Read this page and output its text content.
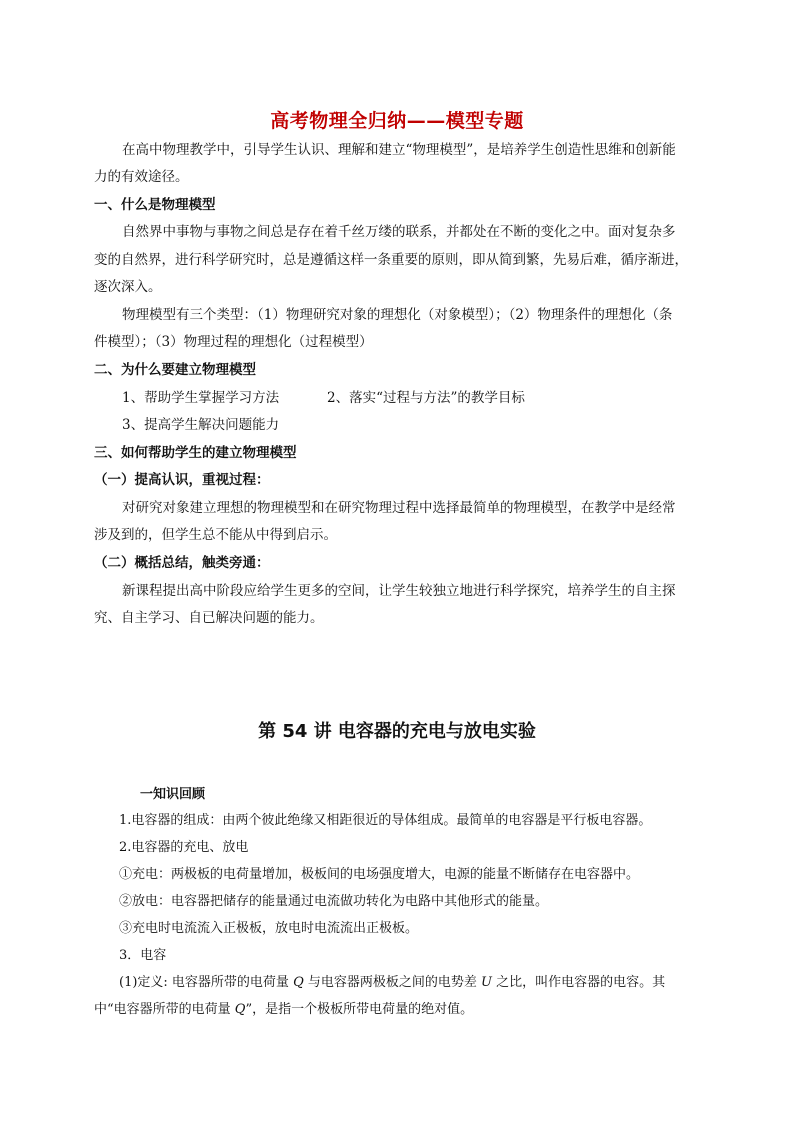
高考物理全归纳——模型专题
在高中物理教学中，引导学生认识、理解和建立“物理模型”，是培养学生创造性思维和创新能
力的有效途径。
一、什么是物理模型
自然界中事物与事物之间总是存在着千丝万缕的联系，并都处在不断的变化之中。面对复杂多
变的自然界，进行科学研究时，总是遵循这样一条重要的原则，即从简到繁，先易后难，循序渐进，
逐次深入。
物理模型有三个类型：（1）物理研究对象的理想化（对象模型）；（2）物理条件的理想化（条
件模型）；（3）物理过程的理想化（过程模型）
二、为什么要建立物理模型
1、帮助学生掌握学习方法	2、落实“过程与方法”的教学目标
3、提高学生解决问题能力
三、如何帮助学生的建立物理模型
（一）提高认识，重视过程：
对研究对象建立理想的物理模型和在研究物理过程中选择最简单的物理模型，在教学中是经常
涉及到的，但学生总不能从中得到启示。
（二）概括总结，触类旁通：
新课程提出高中阶段应给学生更多的空间，让学生较独立地进行科学探究，培养学生的自主探
究、自主学习、自已解决问题的能力。
第 54 讲 电容器的充电与放电实验
一知识回顾
1.电容器的组成：由两个彼此绝缘又相距很近的导体组成。最简单的电容器是平行板电容器。
2.电容器的充电、放电
①充电：两极板的电荷量增加，极板间的电场强度增大，电源的能量不断储存在电容器中。
②放电：电容器把储存的能量通过电流做功转化为电路中其他形式的能量。
③充电时电流流入正极板，放电时电流流出正极板。
3．电容
(1)定义: 电容器所带的电荷量 Q 与电容器两极板之间的电势差 U 之比，叫作电容器的电容。其
中“电容器所带的电荷量 Q”，是指一个极板所带电荷量的绝对值。
